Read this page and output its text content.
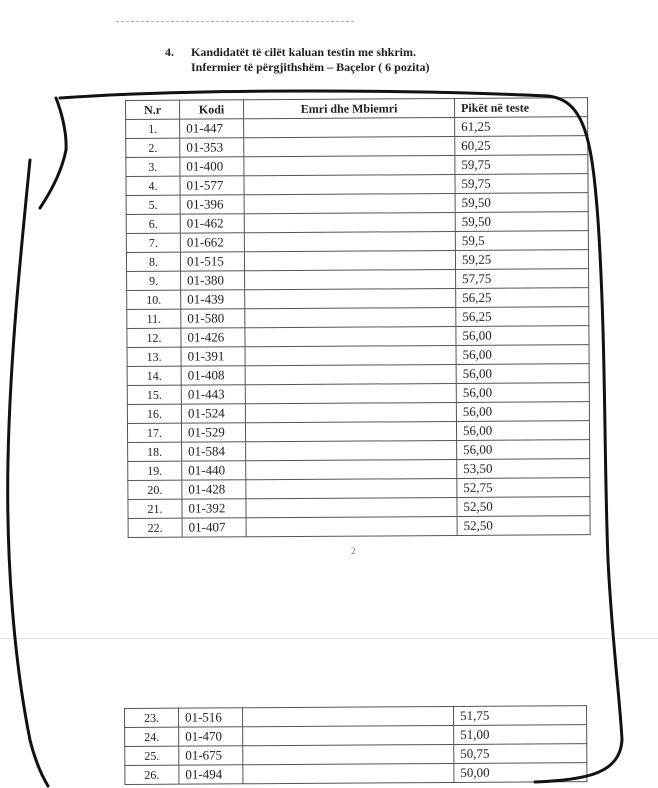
4. Kandidatët të cilët kaluan testin me shkrim.
Infermier të përgjithshëm – Baçelor ( 6 pozita)
N.r	Kodi	Emri dhe Mbiemri	Pikët në teste
1.	01-447		61,25
2.	01-353		60,25
3.	01-400		59,75
4.	01-577		59,75
5.	01-396		59,50
6.	01-462		59,50
7.	01-662		59,5
8.	01-515		59,25
9.	01-380		57,75
10.	01-439		56,25
11.	01-580		56,25
12.	01-426		56,00
13.	01-391		56,00
14.	01-408		56,00
15.	01-443		56,00
16.	01-524		56,00
17.	01-529		56,00
18.	01-584		56,00
19.	01-440		53,50
20.	01-428		52,75
21.	01-392		52,50
22.	01-407		52,50
2
23.	01-516		51,75
24.	01-470		51,00
25.	01-675		50,75
26.	01-494		50,00
